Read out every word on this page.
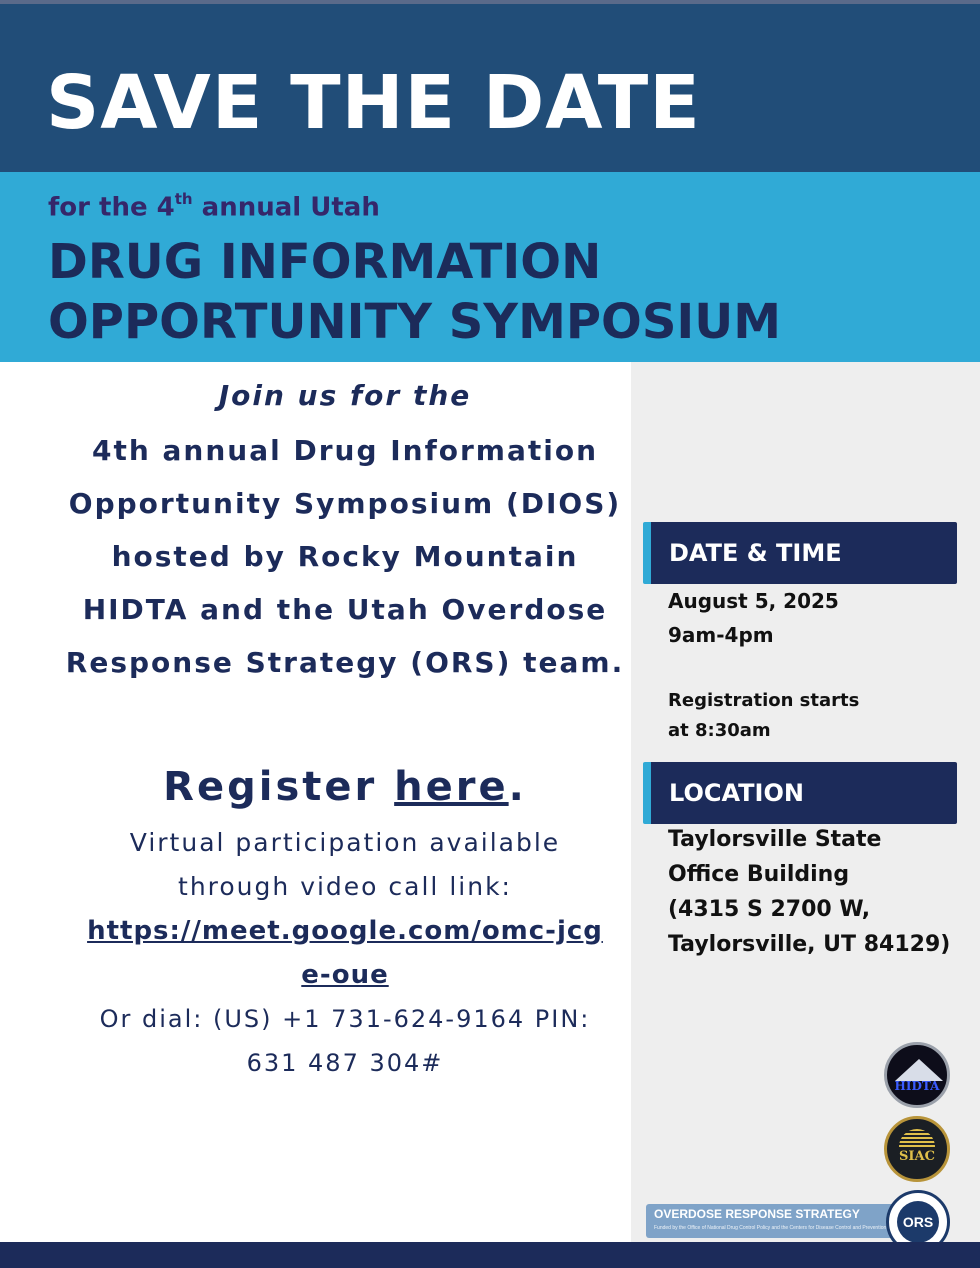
SAVE THE DATE

for the 4th annual Utah

DRUG INFORMATION
OPPORTUNITY SYMPOSIUM

Join us for the

4th annual Drug Information Opportunity Symposium (DIOS) hosted by Rocky Mountain HIDTA and the Utah Overdose Response Strategy (ORS) team.

Register here.

Virtual participation available through video call link:

https://meet.google.com/omc-jcge-oue

Or dial: (US) +1 731-624-9164 PIN: 631 487 304#

DATE & TIME
August 5, 2025
9am-4pm
Registration starts
at 8:30am
LOCATION
Taylorsville State
Office Building
(4315 S 2700 W,
Taylorsville, UT 84129)
HIDTA
SIAC
OVERDOSE RESPONSE STRATEGY
Funded by the Office of National Drug Control Policy and the Centers for Disease Control and Prevention	ORS
